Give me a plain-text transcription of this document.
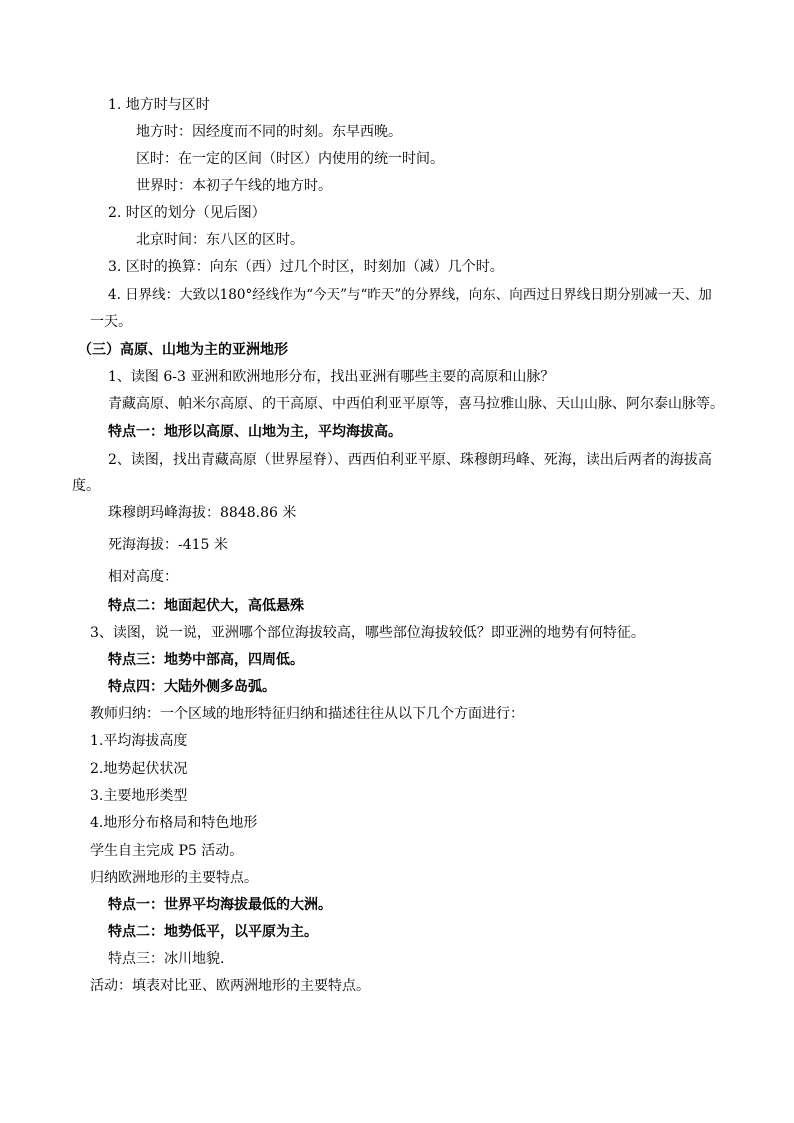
1. 地方时与区时
地方时：因经度而不同的时刻。东早西晚。
区时：在一定的区间（时区）内使用的统一时间。
世界时：本初子午线的地方时。
2. 时区的划分（见后图）
北京时间：东八区的区时。
3. 区时的换算：向东（西）过几个时区，时刻加（减）几个时。
4. 日界线：大致以180°经线作为“今天”与“昨天”的分界线，向东、向西过日界线日期分别减一天、加
一天。
（三）高原、山地为主的亚洲地形
1、读图 6-3 亚洲和欧洲地形分布，找出亚洲有哪些主要的高原和山脉？
青藏高原、帕米尔高原、的干高原、中西伯利亚平原等，喜马拉雅山脉、天山山脉、阿尔泰山脉等。
特点一：地形以高原、山地为主，平均海拔高。
2、读图，找出青藏高原（世界屋脊）、西西伯利亚平原、珠穆朗玛峰、死海，读出后两者的海拔高
度。
珠穆朗玛峰海拔：8848.86 米
死海海拔：-415 米
相对高度：
特点二：地面起伏大，高低悬殊
3、读图，说一说，亚洲哪个部位海拔较高，哪些部位海拔较低？即亚洲的地势有何特征。
特点三：地势中部高，四周低。
特点四：大陆外侧多岛弧。
教师归纳：一个区域的地形特征归纳和描述往往从以下几个方面进行：
1.平均海拔高度
2.地势起伏状况
3.主要地形类型
4.地形分布格局和特色地形
学生自主完成 P5 活动。
归纳欧洲地形的主要特点。
特点一：世界平均海拔最低的大洲。
特点二：地势低平，以平原为主。
特点三：冰川地貌.
活动：填表对比亚、欧两洲地形的主要特点。
